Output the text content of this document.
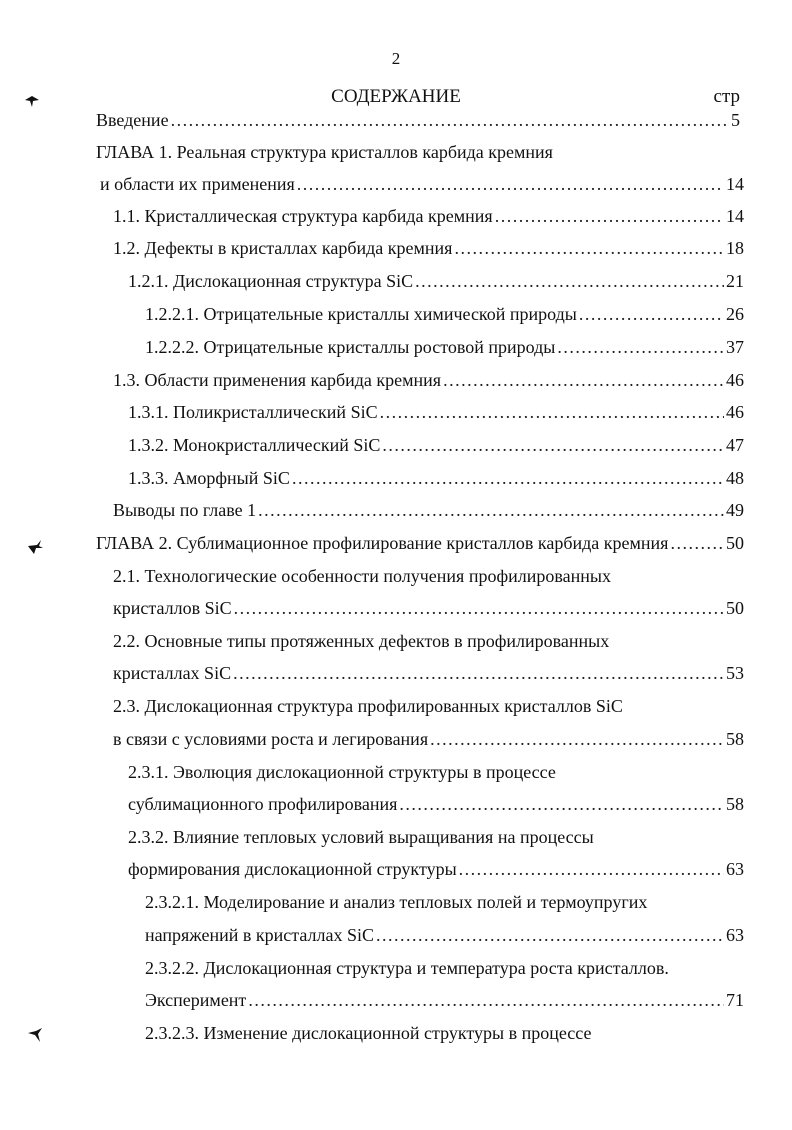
2
СОДЕРЖАНИЕ	стр
Введение .....	5
ГЛАВА 1. Реальная структура кристаллов карбида кремния
и области их применения .....	14
1.1. Кристаллическая структура карбида кремния .....	14
1.2. Дефекты в кристаллах карбида кремния .....	18
1.2.1. Дислокационная структура SiC .....	21
1.2.2.1. Отрицательные кристаллы химической природы .....	26
1.2.2.2. Отрицательные кристаллы ростовой природы .....	37
1.3. Области применения карбида кремния .....	46
1.3.1. Поликристаллический SiC .....	46
1.3.2. Монокристаллический SiC .....	47
1.3.3. Аморфный SiC .....	48
Выводы по главе 1 .....	49
ГЛАВА 2. Сублимационное профилирование кристаллов карбида кремния .....	50
2.1. Технологические особенности получения профилированных
кристаллов SiC .....	50
2.2. Основные типы протяженных дефектов в профилированных
кристаллах SiC .....	53
2.3. Дислокационная структура профилированных кристаллов SiC
в связи с условиями роста и легирования .....	58
2.3.1. Эволюция дислокационной структуры в процессе
сублимационного профилирования .....	58
2.3.2. Влияние тепловых условий выращивания на процессы
формирования дислокационной структуры .....	63
2.3.2.1. Моделирование и анализ тепловых полей и термоупругих
напряжений в кристаллах SiC .....	63
2.3.2.2. Дислокационная структура и температура роста кристаллов.
Эксперимент .....	71
2.3.2.3. Изменение дислокационной структуры в процессе
